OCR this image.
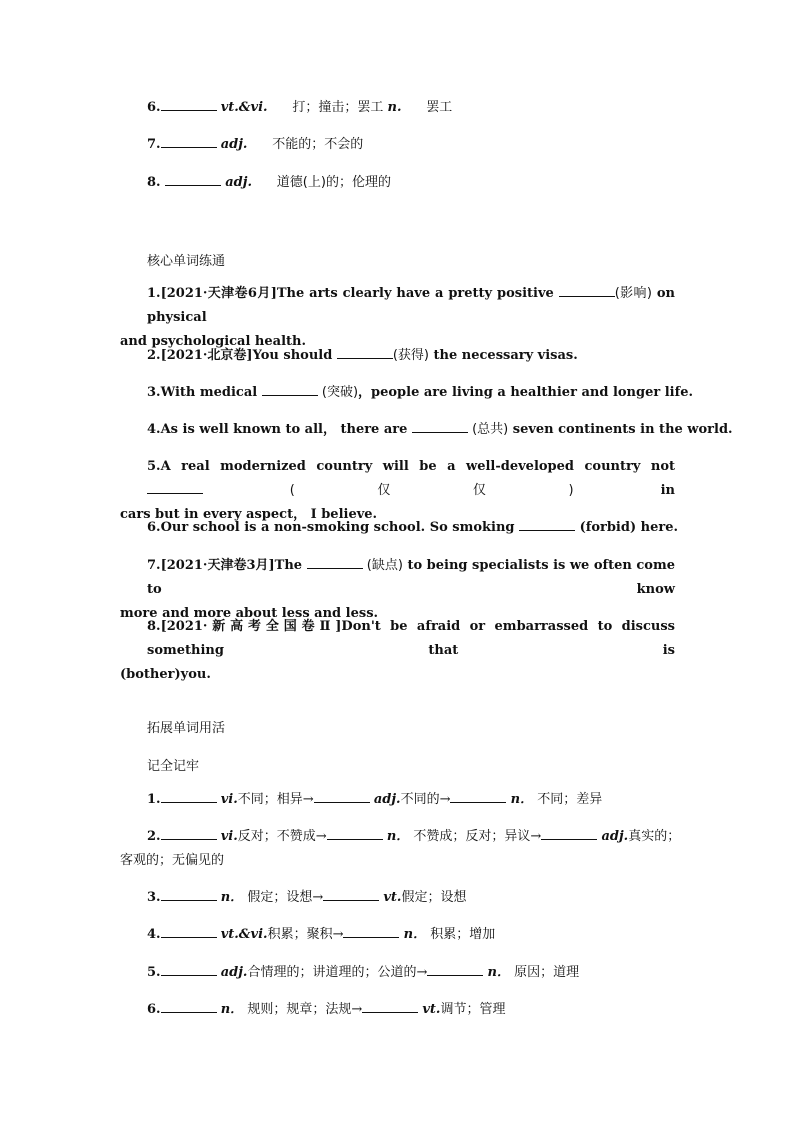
6.	vt.&vi. 打；撞击；罢工 n. 罢工
7.	adj. 不能的；不会的
8.	adj. 道德(上)的；伦理的
核心单词练通
1.[2021·天津卷6月]The arts clearly have a pretty positive	(影响) on physical
and psychological health.
2.[2021·北京卷]You should	(获得) the necessary visas.
3.With medical	(突破)，people are living a healthier and longer life.
4.As is well known to all， there are	(总共) seven continents in the world.
5.A real modernized country will be a well-developed country not  (仅仅) in
cars but in every aspect， I believe.
6.Our school is a non-smoking school. So smoking	(forbid) here.
7.[2021·天津卷3月]The	(缺点) to being specialists is we often come to know
more and more about less and less.
8.[2021·新高考全国卷Ⅱ]Don't be afraid or embarrassed to discuss something that is
(bother)you.
拓展单词用活
记全记牢
1.	vi.不同；相异→	adj.不同的→	n． 不同；差异
2.	vi.反对；不赞成→	n． 不赞成；反对；异议→	adj.真实的；
客观的；无偏见的
3.	n． 假定；设想→	vt.假定；设想
4.	vt.&vi.积累；聚积→	n． 积累；增加
5.	adj.合情理的；讲道理的；公道的→	n． 原因；道理
6.	n． 规则；规章；法规→	vt.调节；管理
